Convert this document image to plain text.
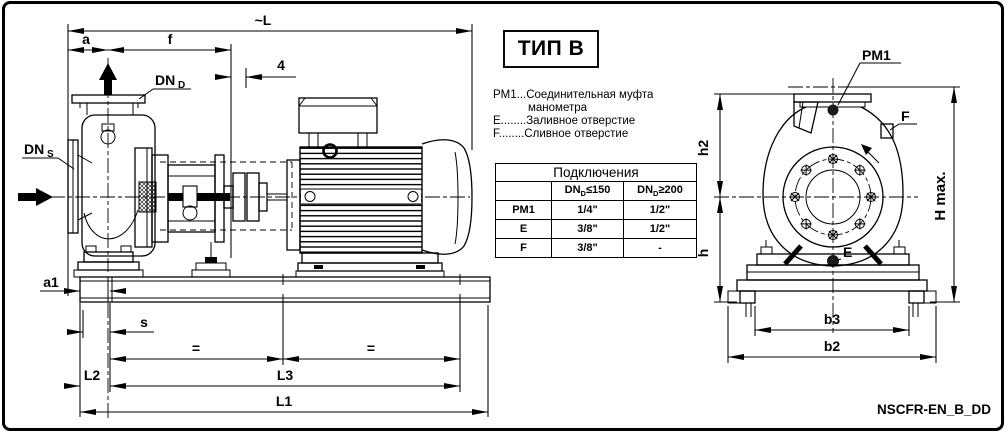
DN D
DN S
~L
a	f
4
a1
s
=	=
L2	L3
L1
PM1
F
E
h2
h
H max.
b3
b2
NSCFR-EN_B_DD
ТИП В
PM1...Соединительная муфта
манометра
E........Заливное отверстие
F........Сливное отверстие
Подключения		
	$DN_D\le 150$	$DN_D\ge 200$
PM1	1/4"	1/2"
E	3/8"	1/2"
F	3/8"	-
